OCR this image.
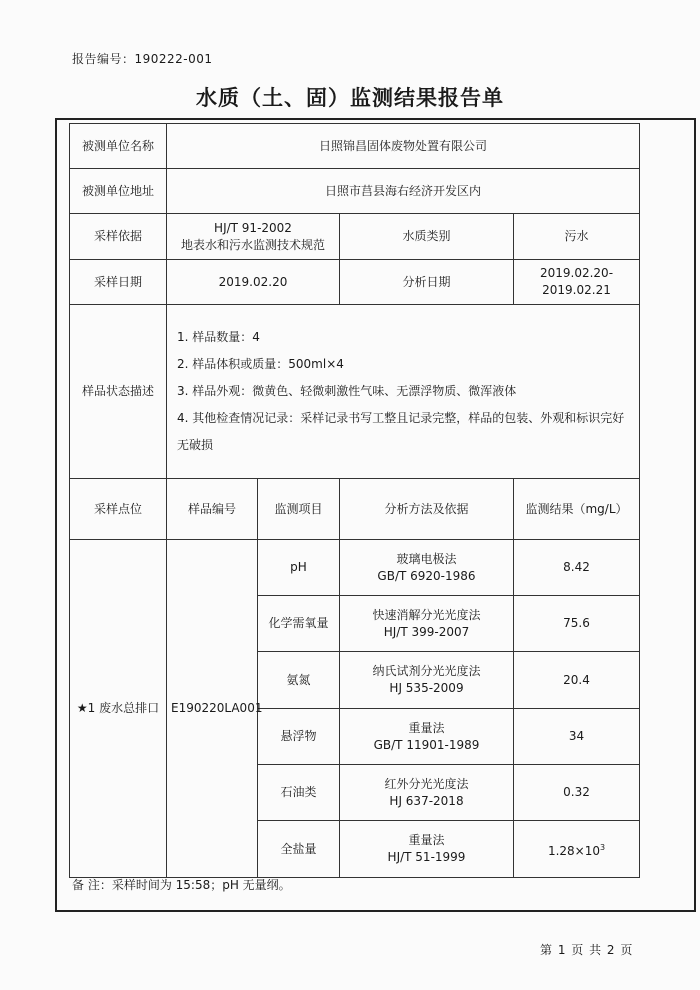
报告编号：190222-001
水质（土、固）监测结果报告单
被测单位名称	日照锦昌固体废物处置有限公司			
被测单位地址	日照市莒县海右经济开发区内			
采样依据	HJ/T 91-2002
地表水和污水监测技术规范		水质类别	污水
采样日期	2019.02.20		分析日期	2019.02.20-2019.02.21
样品状态描述	1. 样品数量：4
2. 样品体积或质量：500ml×4
3. 样品外观：微黄色、轻微刺激性气味、无漂浮物质、微浑液体
4. 其他检查情况记录：采样记录书写工整且记录完整，样品的包装、外观和标识完好无破损			

采样点位	样品编号	监测项目	分析方法及依据	监测结果（mg/L）
★1 废水总排口	E190220LA001	pH	玻璃电极法
GB/T 6920-1986	8.42
		化学需氧量	快速消解分光光度法
HJ/T 399-2007	75.6
		氨氮	纳氏试剂分光光度法
HJ 535-2009	20.4
		悬浮物	重量法
GB/T 11901-1989	34
		石油类	红外分光光度法
HJ 637-2018	0.32
		全盐量	重量法
HJ/T 51-1999	$1.28\times 10^3$
备 注：采样时间为 15:58；pH 无量纲。
第 1 页 共 2 页
